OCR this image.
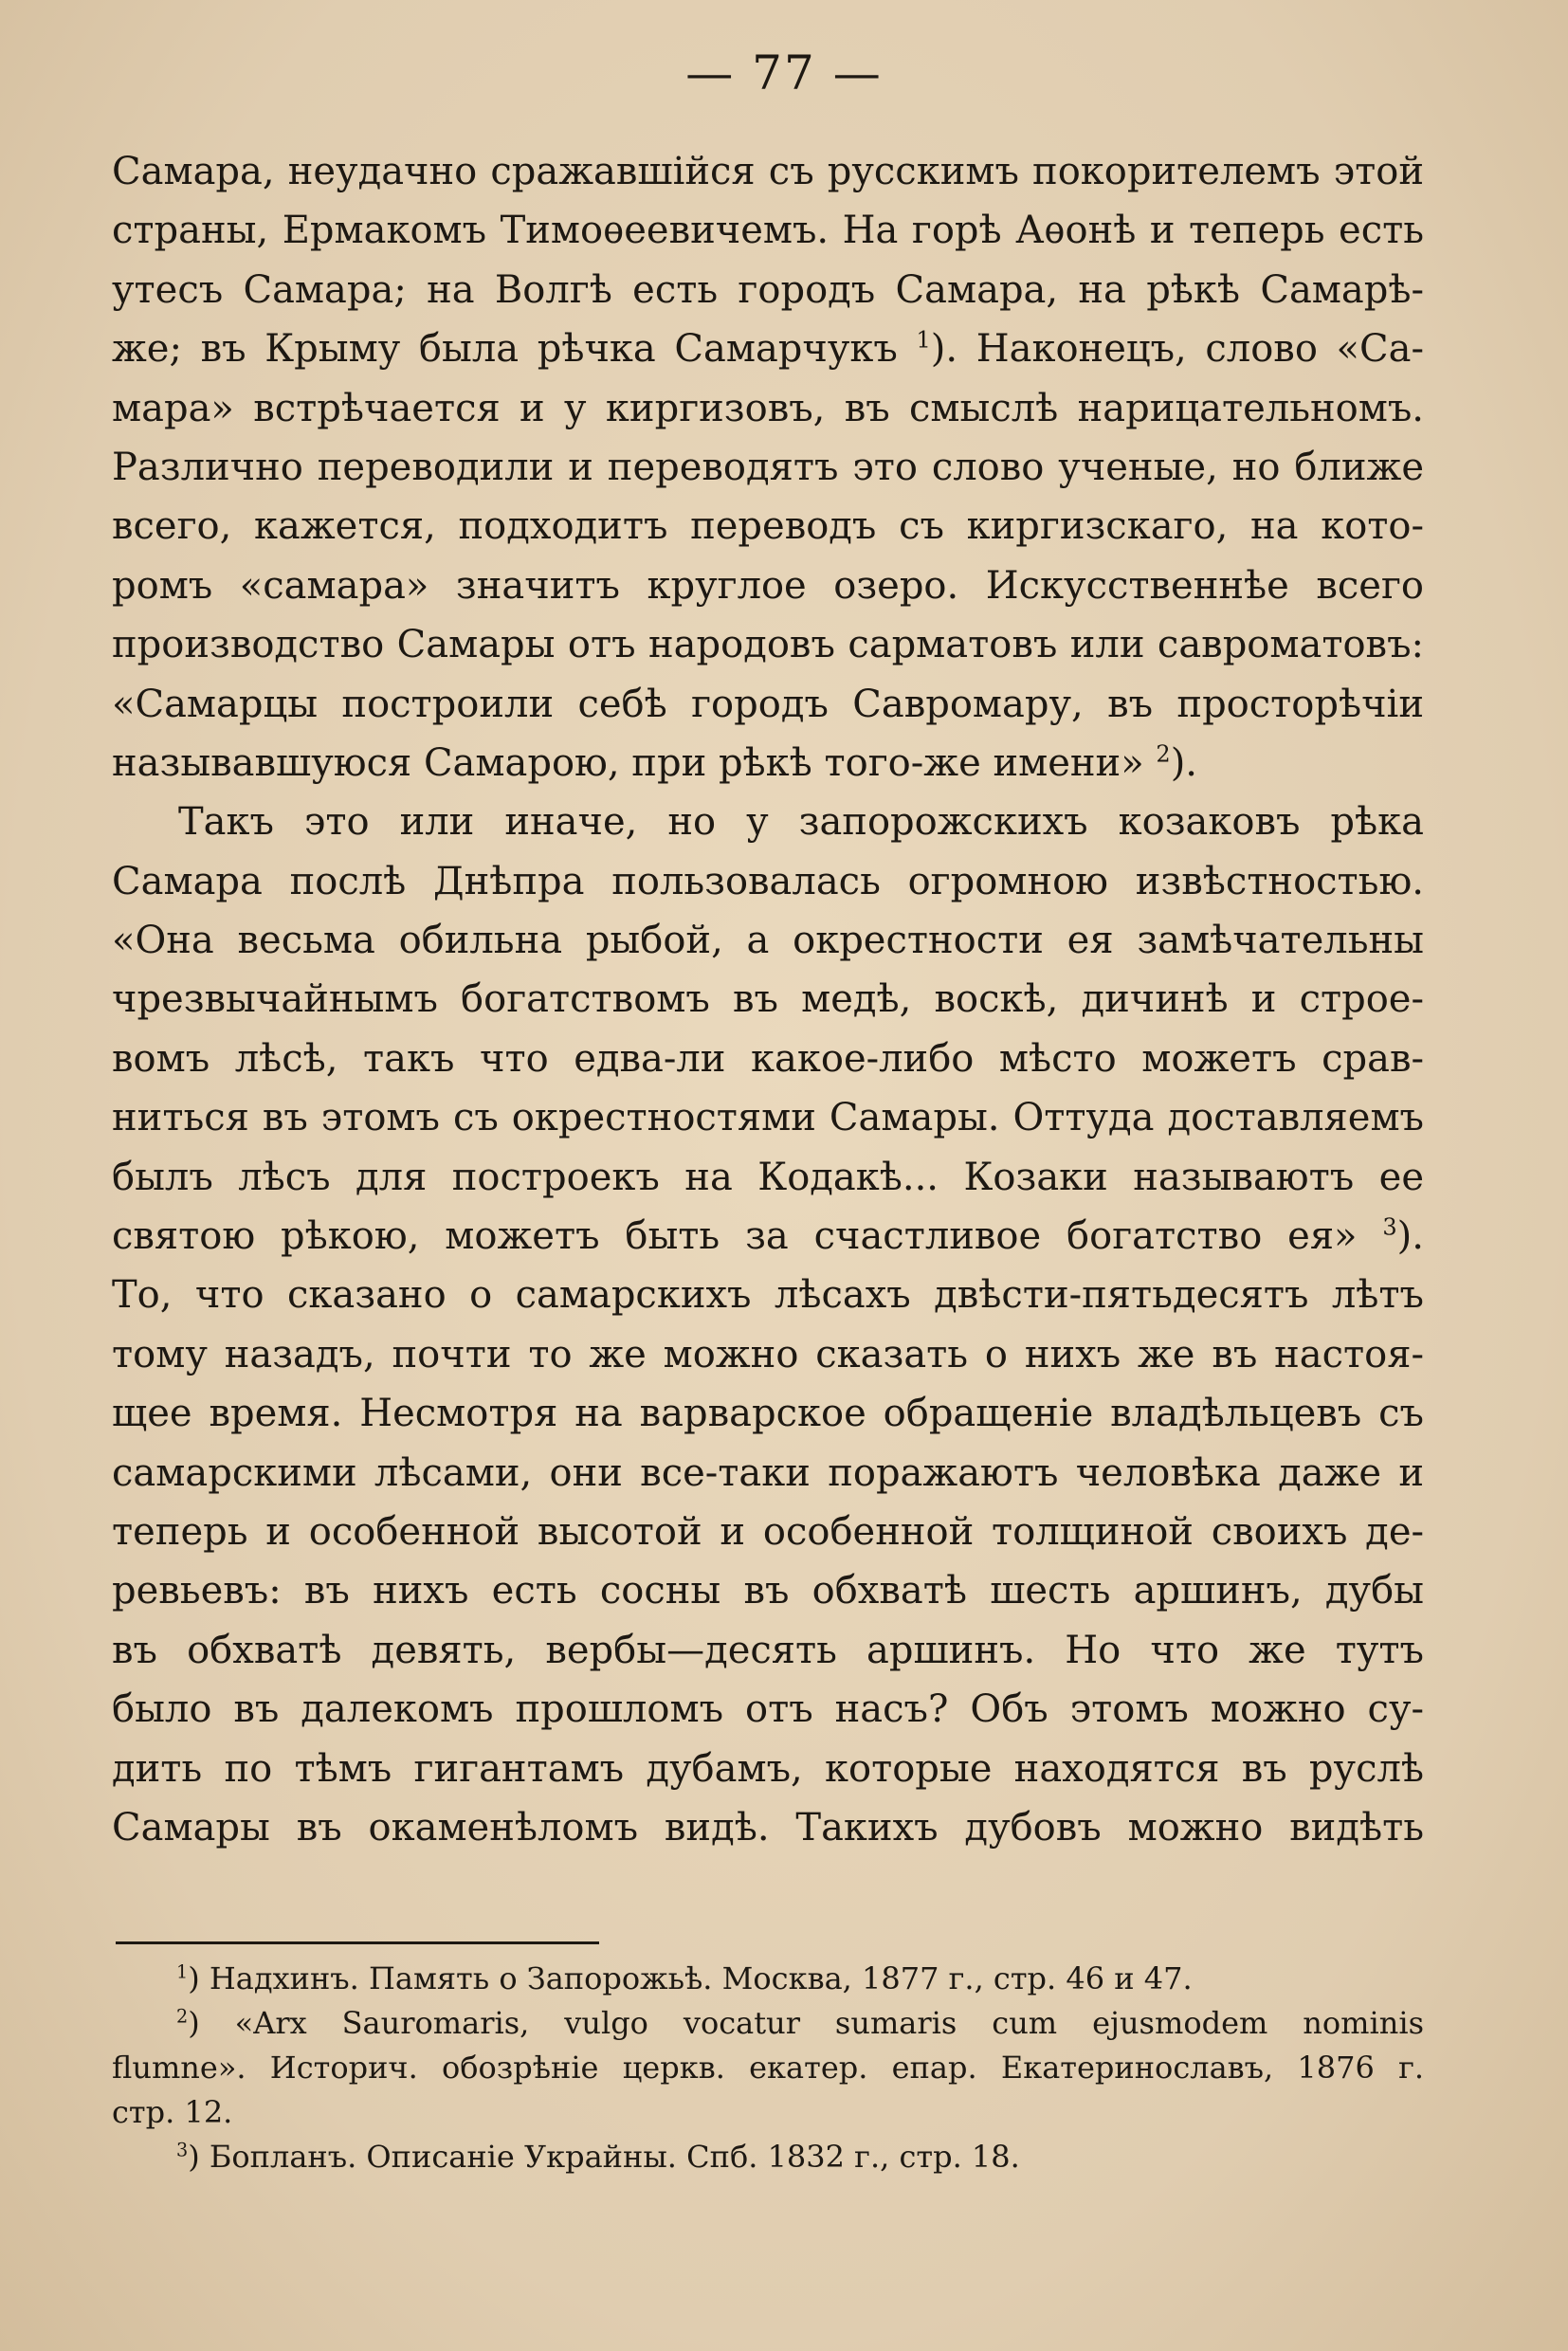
— 77 —
Самара, неудачно сражавшійся съ русскимъ покорителемъ этой
страны, Ермакомъ Тимоѳеевичемъ. На горѣ Аѳонѣ и теперь есть
утесъ Самара; на Волгѣ есть городъ Самара, на рѣкѣ Самарѣ-
же; въ Крыму была рѣчка Самарчукъ $^1$). Наконецъ, слово «Са-
мара» встрѣчается и у киргизовъ, въ смыслѣ нарицательномъ.
Различно переводили и переводятъ это слово ученые, но ближе
всего, кажется, подходитъ переводъ съ киргизскаго, на кото-
ромъ «самара» значитъ круглое озеро. Искусственнѣе всего
производство Самары отъ народовъ сарматовъ или савроматовъ:
«Самарцы построили себѣ городъ Савромару, въ просторѣчіи
называвшуюся Самарою, при рѣкѣ того-же имени» $^2$).
Такъ это или иначе, но у запорожскихъ козаковъ рѣка
Самара послѣ Днѣпра пользовалась огромною извѣстностью.
«Она весьма обильна рыбой, а окрестности ея замѣчательны
чрезвычайнымъ богатствомъ въ медѣ, воскѣ, дичинѣ и строе-
вомъ лѣсѣ, такъ что едва-ли какое-либо мѣсто можетъ срав-
ниться въ этомъ съ окрестностями Самары. Оттуда доставляемъ
былъ лѣсъ для построекъ на Кодакѣ... Козаки называютъ ее
святою рѣкою, можетъ быть за счастливое богатство ея» $^3$).
То, что сказано о самарскихъ лѣсахъ двѣсти-пятьдесятъ лѣтъ
тому назадъ, почти то же можно сказать о нихъ же въ настоя-
щее время. Несмотря на варварское обращеніе владѣльцевъ съ
самарскими лѣсами, они все-таки поражаютъ человѣка даже и
теперь и особенной высотой и особенной толщиной своихъ де-
ревьевъ: въ нихъ есть сосны въ обхватѣ шесть аршинъ, дубы
въ обхватѣ девять, вербы—десять аршинъ. Но что же тутъ
было въ далекомъ прошломъ отъ насъ? Объ этомъ можно су-
дить по тѣмъ гигантамъ дубамъ, которые находятся въ руслѣ
Самары въ окаменѣломъ видѣ. Такихъ дубовъ можно видѣть
$^1$) Надхинъ. Память о Запорожьѣ. Москва, 1877 г., стр. 46 и 47.
$^2$) «Arx Sauromaris, vulgo vocatur sumaris cum ejusmodem nominis
flumne». Историч. обозрѣніе церкв. екатер. епар. Екатеринославъ, 1876 г.
стр. 12.
$^3$) Бопланъ. Описаніе Украйны. Спб. 1832 г., стр. 18.
